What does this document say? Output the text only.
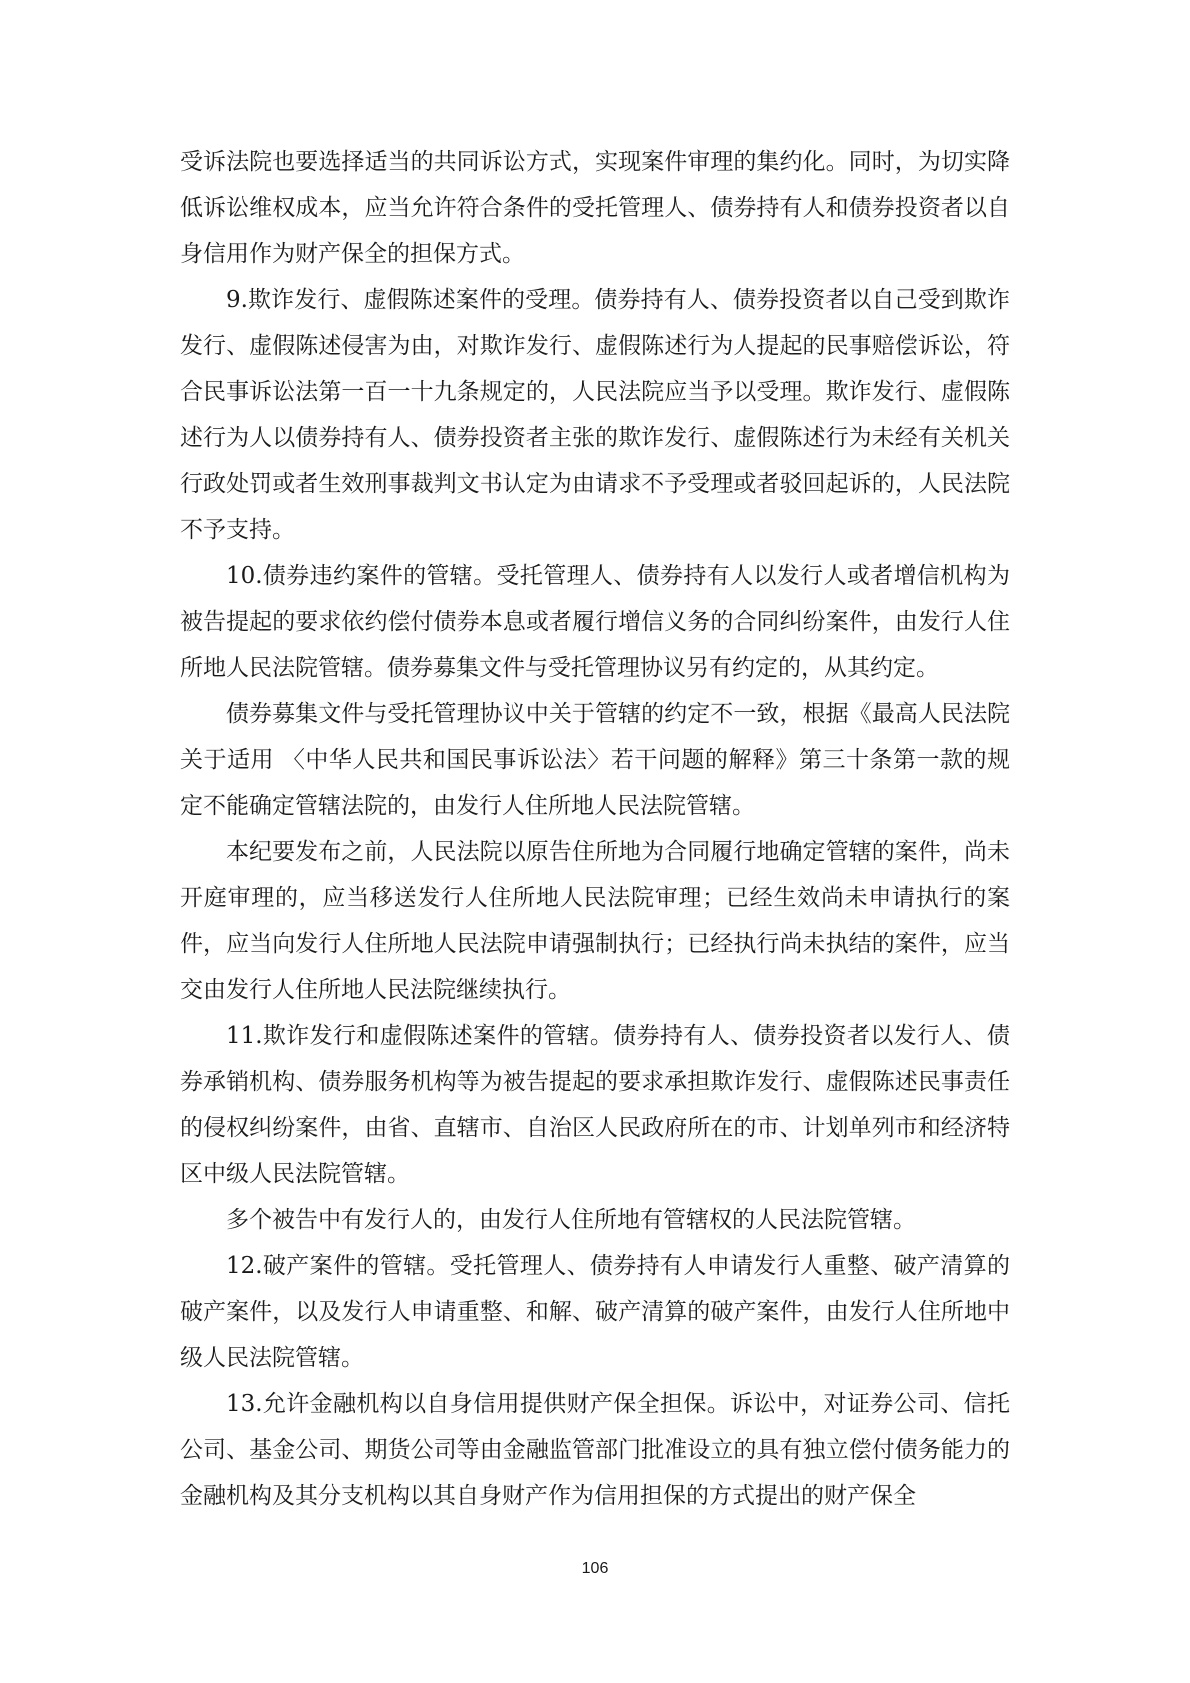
受诉法院也要选择适当的共同诉讼方式，实现案件审理的集约化。同时，为切实降低诉讼维权成本，应当允许符合条件的受托管理人、债券持有人和债券投资者以自身信用作为财产保全的担保方式。

9.欺诈发行、虚假陈述案件的受理。债券持有人、债券投资者以自己受到欺诈发行、虚假陈述侵害为由，对欺诈发行、虚假陈述行为人提起的民事赔偿诉讼，符合民事诉讼法第一百一十九条规定的，人民法院应当予以受理。欺诈发行、虚假陈述行为人以债券持有人、债券投资者主张的欺诈发行、虚假陈述行为未经有关机关行政处罚或者生效刑事裁判文书认定为由请求不予受理或者驳回起诉的，人民法院不予支持。

10.债券违约案件的管辖。受托管理人、债券持有人以发行人或者增信机构为被告提起的要求依约偿付债券本息或者履行增信义务的合同纠纷案件，由发行人住所地人民法院管辖。债券募集文件与受托管理协议另有约定的，从其约定。

债券募集文件与受托管理协议中关于管辖的约定不一致，根据《最高人民法院关于适用 〈中华人民共和国民事诉讼法〉若干问题的解释》第三十条第一款的规定不能确定管辖法院的，由发行人住所地人民法院管辖。

本纪要发布之前，人民法院以原告住所地为合同履行地确定管辖的案件，尚未开庭审理的，应当移送发行人住所地人民法院审理；已经生效尚未申请执行的案件，应当向发行人住所地人民法院申请强制执行；已经执行尚未执结的案件，应当交由发行人住所地人民法院继续执行。

11.欺诈发行和虚假陈述案件的管辖。债券持有人、债券投资者以发行人、债券承销机构、债券服务机构等为被告提起的要求承担欺诈发行、虚假陈述民事责任的侵权纠纷案件，由省、直辖市、自治区人民政府所在的市、计划单列市和经济特区中级人民法院管辖。

多个被告中有发行人的，由发行人住所地有管辖权的人民法院管辖。

12.破产案件的管辖。受托管理人、债券持有人申请发行人重整、破产清算的破产案件，以及发行人申请重整、和解、破产清算的破产案件，由发行人住所地中级人民法院管辖。

13.允许金融机构以自身信用提供财产保全担保。诉讼中，对证券公司、信托公司、基金公司、期货公司等由金融监管部门批准设立的具有独立偿付债务能力的金融机构及其分支机构以其自身财产作为信用担保的方式提出的财产保全

106
